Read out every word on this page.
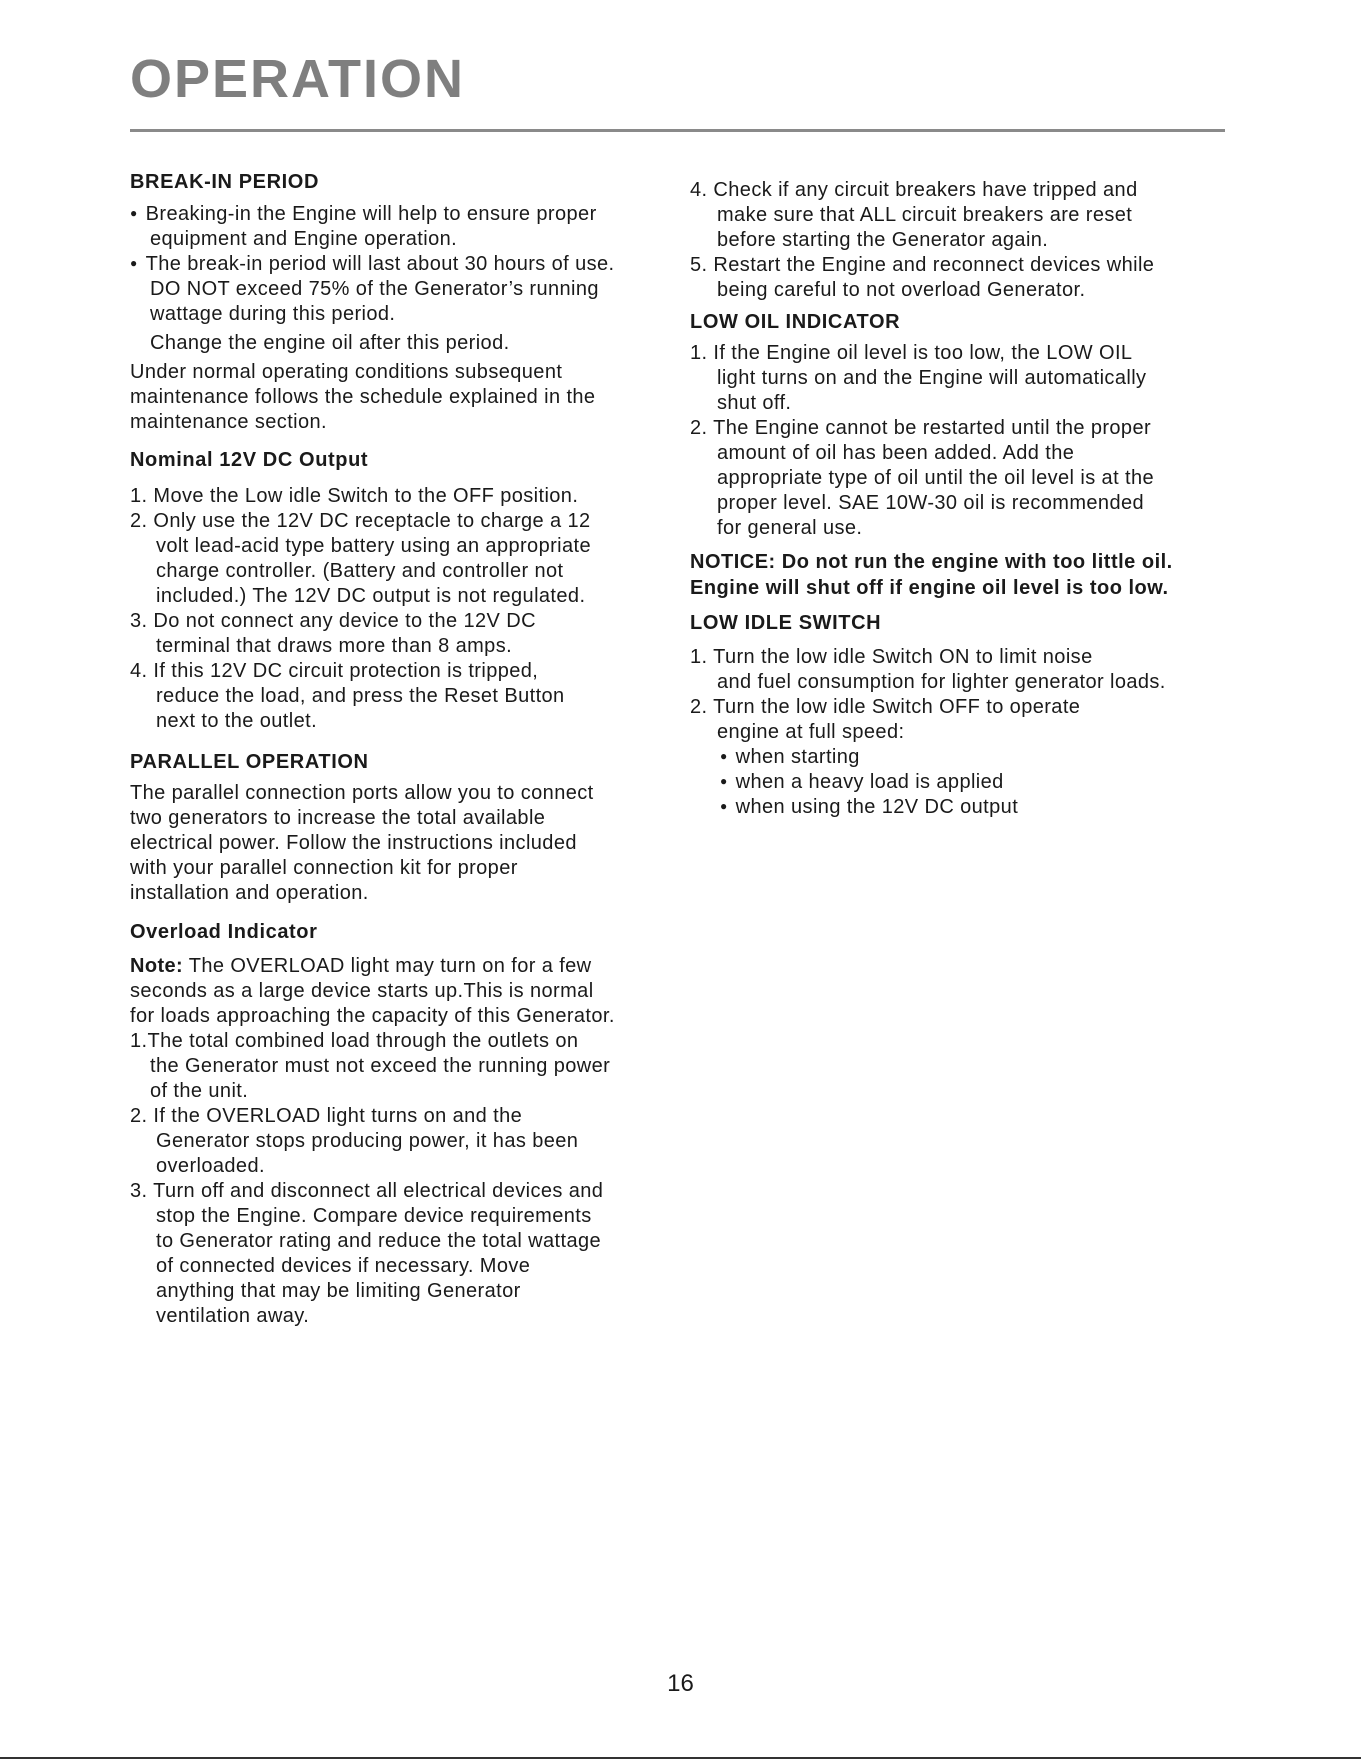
OPERATION
BREAK-IN PERIOD
● Breaking-in the Engine will help to ensure proper
equipment and Engine operation.
● The break-in period will last about 30 hours of use.
DO NOT exceed 75% of the Generator’s running
wattage during this period.
Change the engine oil after this period.
Under normal operating conditions subsequent
maintenance follows the schedule explained in the
maintenance section.
Nominal 12V DC Output
1. Move the Low idle Switch to the OFF position.
2. Only use the 12V DC receptacle to charge a 12
volt lead-acid type battery using an appropriate
charge controller. (Battery and controller not
included.) The 12V DC output is not regulated.
3. Do not connect any device to the 12V DC
terminal that draws more than 8 amps.
4. If this 12V DC circuit protection is tripped,
reduce the load, and press the Reset Button
next to the outlet.
PARALLEL OPERATION
The parallel connection ports allow you to connect
two generators to increase the total available
electrical power. Follow the instructions included
with your parallel connection kit for proper
installation and operation.
Overload Indicator
Note: The OVERLOAD light may turn on for a few
seconds as a large device starts up.This is normal
for loads approaching the capacity of this Generator.
1.The total combined load through the outlets on
the Generator must not exceed the running power
of the unit.
2. If the OVERLOAD light turns on and the
Generator stops producing power, it has been
overloaded.
3. Turn off and disconnect all electrical devices and
stop the Engine. Compare device requirements
to Generator rating and reduce the total wattage
of connected devices if necessary. Move
anything that may be limiting Generator
ventilation away.
4. Check if any circuit breakers have tripped and
make sure that ALL circuit breakers are reset
before starting the Generator again.
5. Restart the Engine and reconnect devices while
being careful to not overload Generator.
LOW OIL INDICATOR
1. If the Engine oil level is too low, the LOW OIL
light turns on and the Engine will automatically
shut off.
2. The Engine cannot be restarted until the proper
amount of oil has been added. Add the
appropriate type of oil until the oil level is at the
proper level. SAE 10W-30 oil is recommended
for general use.
NOTICE: Do not run the engine with too little oil.
Engine will shut off if engine oil level is too low.
LOW IDLE SWITCH
1. Turn the low idle Switch ON to limit noise
and fuel consumption for lighter generator loads.
2. Turn the low idle Switch OFF to operate
engine at full speed:
● when starting
● when a heavy load is applied
● when using the 12V DC output
16
